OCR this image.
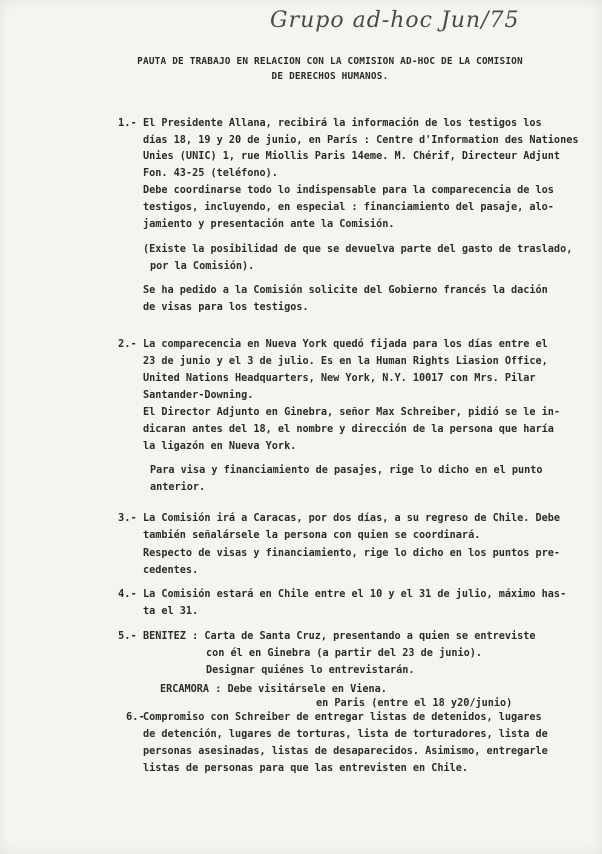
Grupo ad-hoc Jun/75
PAUTA DE TRABAJO EN RELACION CON LA COMISION AD-HOC DE LA COMISION
DE DERECHOS HUMANOS.
1.- El Presidente Allana, recibirá la información de los testigos los
días 18, 19 y 20 de junio, en París : Centre d'Information des Nationes
Unies (UNIC) 1, rue Miollis Paris 14eme. M. Chérif, Directeur Adjunt
Fon. 43-25 (teléfono).
Debe coordinarse todo lo indispensable para la comparecencia de los
testigos, incluyendo, en especial : financiamiento del pasaje, alo-
jamiento y presentación ante la Comisión.
(Existe la posibilidad de que se devuelva parte del gasto de traslado,
por la Comisión).
Se ha pedido a la Comisión solicite del Gobierno francés la dación
de visas para los testigos.
2.- La comparecencia en Nueva York quedó fijada para los días entre el
23 de junio y el 3 de julio. Es en la Human Rights Liasion Office,
United Nations Headquarters, New York, N.Y. 10017 con Mrs. Pilar
Santander-Downing.
El Director Adjunto en Ginebra, señor Max Schreiber, pidió se le in-
dicaran antes del 18, el nombre y dirección de la persona que haría
la ligazón en Nueva York.
Para visa y financiamiento de pasajes, rige lo dicho en el punto
anterior.
3.- La Comisión irá a Caracas, por dos días, a su regreso de Chile. Debe
también señalársele la persona con quien se coordinará.
Respecto de visas y financiamiento, rige lo dicho en los puntos pre-
cedentes.
4.- La Comisión estará en Chile entre el 10 y el 31 de julio, máximo has-
ta el 31.
5.- BENITEZ : Carta de Santa Cruz, presentando a quien se entreviste
con él en Ginebra (a partir del 23 de junio).
Designar quiénes lo entrevistarán.
ERCAMORA : Debe visitársele en Viena.
en Paris (entre el 18 y20/junio)
6.-
Compromiso con Schreiber de entregar listas de detenidos, lugares
de detención, lugares de torturas, lista de torturadores, lista de
personas asesinadas, listas de desaparecidos. Asimismo, entregarle
listas de personas para que las entrevisten en Chile.
